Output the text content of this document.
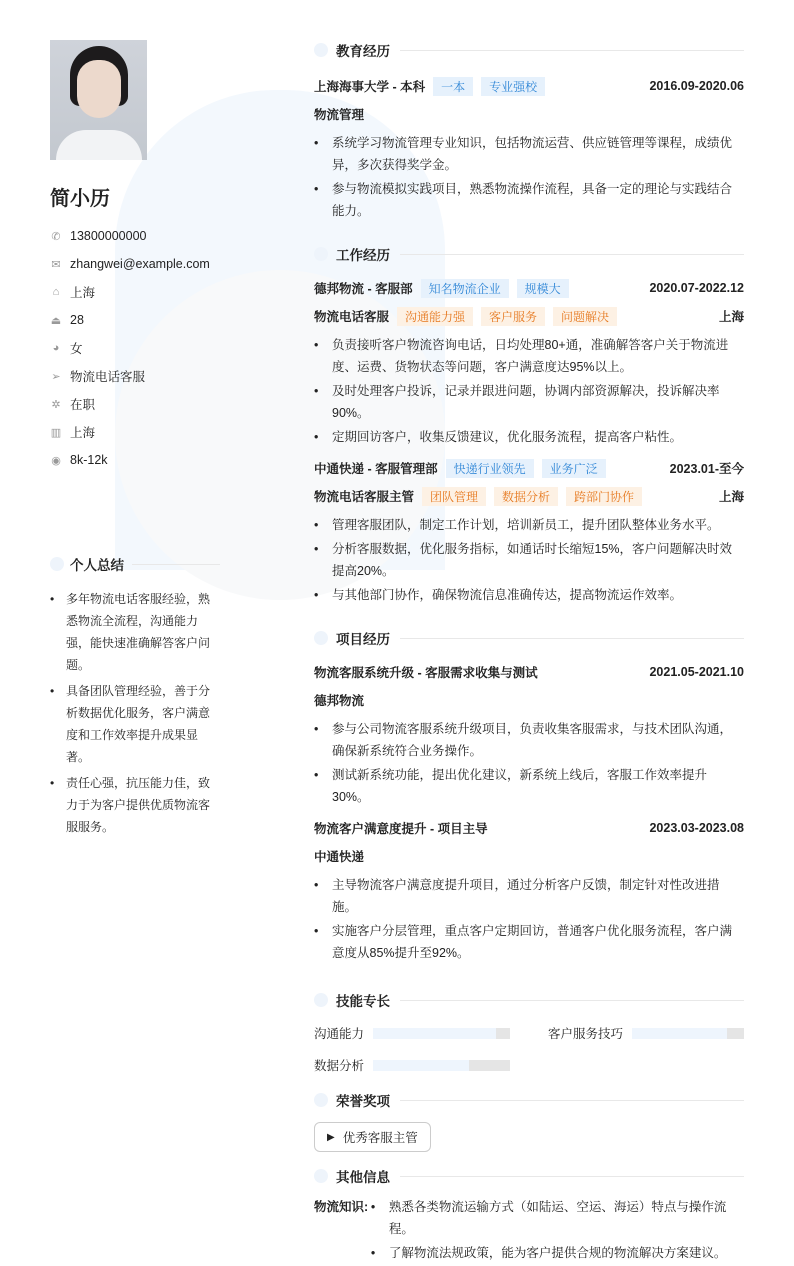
简小历
✆ 13800000000
✉ zhangwei@example.com
⌂ 上海
⏏ 28
◕ 女
➢ 物流电话客服
✲ 在职
▥ 上海
◉ 8k-12k
个人总结
• 多年物流电话客服经验，熟悉物流全流程，沟通能力强，能快速准确解答客户问题。
• 具备团队管理经验，善于分析数据优化服务，客户满意度和工作效率提升成果显著。
• 责任心强，抗压能力佳，致力于为客户提供优质物流客服服务。
教育经历
上海海事大学 - 本科	一本	专业强校	2016.09-2020.06
物流管理
• 系统学习物流管理专业知识，包括物流运营、供应链管理等课程，成绩优异，多次获得奖学金。
• 参与物流模拟实践项目，熟悉物流操作流程，具备一定的理论与实践结合能力。
工作经历
德邦物流 - 客服部	知名物流企业	规模大	2020.07-2022.12
物流电话客服	沟通能力强	客户服务	问题解决	上海
• 负责接听客户物流咨询电话，日均处理80+通，准确解答客户关于物流进度、运费、货物状态等问题，客户满意度达95%以上。
• 及时处理客户投诉，记录并跟进问题，协调内部资源解决，投诉解决率90%。
• 定期回访客户，收集反馈建议，优化服务流程，提高客户粘性。
中通快递 - 客服管理部	快递行业领先	业务广泛	2023.01-至今
物流电话客服主管	团队管理	数据分析	跨部门协作	上海
• 管理客服团队，制定工作计划，培训新员工，提升团队整体业务水平。
• 分析客服数据，优化服务指标，如通话时长缩短15%，客户问题解决时效提高20%。
• 与其他部门协作，确保物流信息准确传达，提高物流运作效率。
项目经历
物流客服系统升级 - 客服需求收集与测试	2021.05-2021.10
德邦物流
• 参与公司物流客服系统升级项目，负责收集客服需求，与技术团队沟通，确保新系统符合业务操作。
• 测试新系统功能，提出优化建议，新系统上线后，客服工作效率提升30%。
物流客户满意度提升 - 项目主导	2023.03-2023.08
中通快递
• 主导物流客户满意度提升项目，通过分析客户反馈，制定针对性改进措施。
• 实施客户分层管理，重点客户定期回访，普通客户优化服务流程，客户满意度从85%提升至92%。
技能专长
沟通能力	客户服务技巧
数据分析
荣誉奖项
▶ 优秀客服主管
其他信息
物流知识:	• 熟悉各类物流运输方式（如陆运、空运、海运）特点与操作流程。
• 了解物流法规政策，能为客户提供合规的物流解决方案建议。
